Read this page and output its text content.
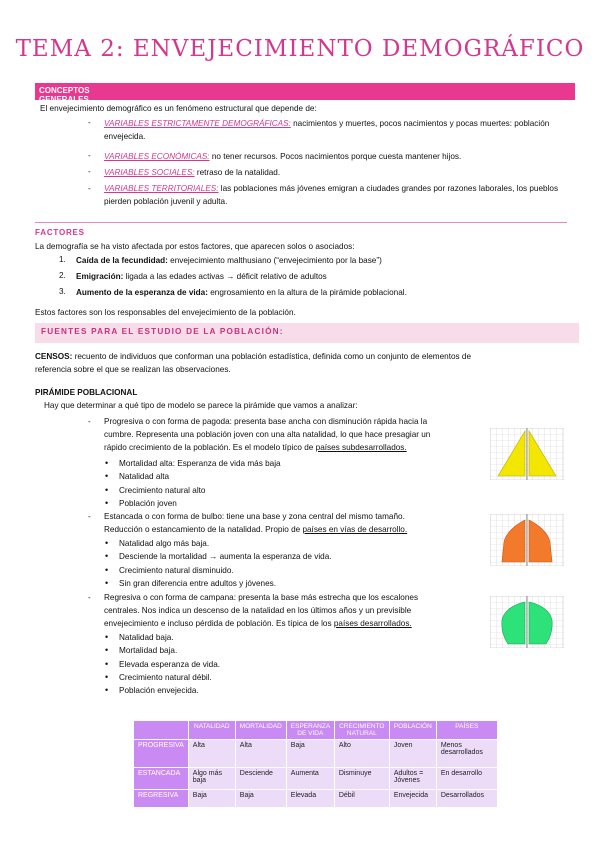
TEMA 2: ENVEJECIMIENTO DEMOGRÁFICO
CONCEPTOS GENERALES
El envejecimiento demográfico es un fenómeno estructural que depende de:
- VARIABLES ESTRICTAMENTE DEMOGRÁFICAS: nacimientos y muertes, pocos nacimientos y pocas muertes: población
envejecida.
- VARIABLES ECONÓMICAS: no tener recursos. Pocos nacimientos porque cuesta mantener hijos.
- VARIABLES SOCIALES: retraso de la natalidad.
- VARIABLES TERRITORIALES: las poblaciones más jóvenes emigran a ciudades grandes por razones laborales, los pueblos
pierden población juvenil y adulta.
FACTORES
La demografía se ha visto afectada por estos factores, que aparecen solos o asociados:
1. Caída de la fecundidad: envejecimiento malthusiano (“envejecimiento por la base”)
2. Emigración: ligada a las edades activas → déficit relativo de adultos
3. Aumento de la esperanza de vida: engrosamiento en la altura de la pirámide poblacional.
Estos factores son los responsables del envejecimiento de la población.
FUENTES PARA EL ESTUDIO DE LA POBLACIÓN:
CENSOS: recuento de individuos que conforman una población estadística, definida como un conjunto de elementos de
referencia sobre el que se realizan las observaciones.
PIRÁMIDE POBLACIONAL
Hay que determinar a qué tipo de modelo se parece la pirámide que vamos a analizar:
- Progresiva o con forma de pagoda: presenta base ancha con disminución rápida hacia la
cumbre. Representa una población joven con una alta natalidad, lo que hace presagiar un
rápido crecimiento de la población. Es el modelo típico de países subdesarrollados.
• Mortalidad alta: Esperanza de vida más baja
• Natalidad alta
• Crecimiento natural alto
• Población joven
- Estancada o con forma de bulbo: tiene una base y zona central del mismo tamaño.
Reducción o estancamiento de la natalidad. Propio de países en vías de desarrollo.
• Natalidad algo más baja.
• Desciende la mortalidad → aumenta la esperanza de vida.
• Crecimiento natural disminuido.
• Sin gran diferencia entre adultos y jóvenes.
- Regresiva o con forma de campana: presenta la base más estrecha que los escalones
centrales. Nos indica un descenso de la natalidad en los últimos años y un previsible
envejecimiento e incluso pérdida de población. Es típica de los países desarrollados.
• Natalidad baja.
• Mortalidad baja.
• Elevada esperanza de vida.
• Crecimiento natural débil.
• Población envejecida.
	NATALIDAD	MORTALIDAD	ESPERANZA DE VIDA	CRECIMIENTO NATURAL	POBLACIÓN	PAÍSES
PROGRESIVA	Alta	Alta	Baja	Alto	Joven	Menos desarrollados
ESTANCADA	Algo más baja	Desciende	Aumenta	Disminuye	Adultos = Jóvenes	En desarrollo
REGRESIVA	Baja	Baja	Elevada	Débil	Envejecida	Desarrollados
